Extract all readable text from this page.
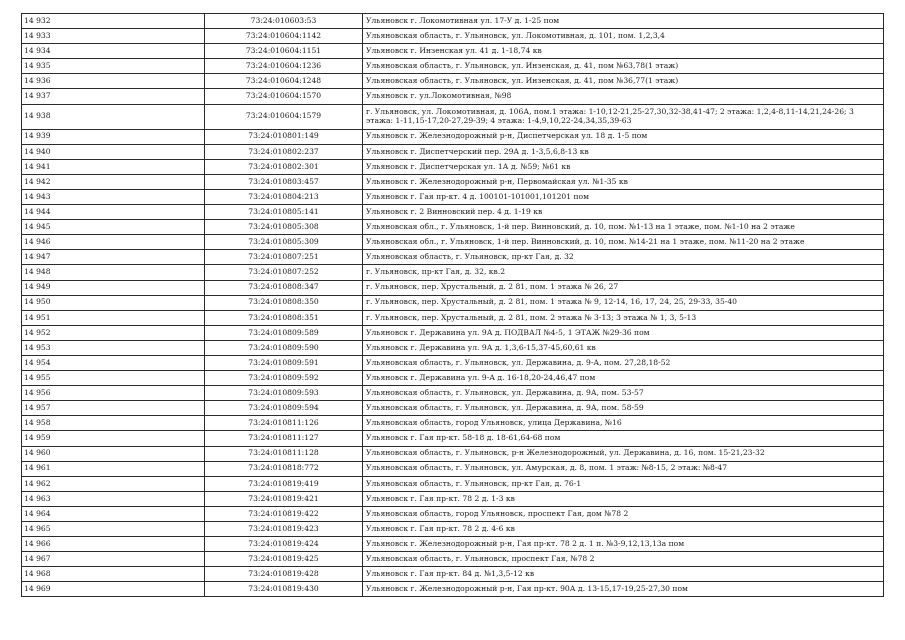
14 932	73:24:010603:53	Ульяновск г. Локомотивная ул. 17-У д. 1-25 пом
14 933	73:24:010604:1142	Ульяновская область, г. Ульяновск, ул. Локомотивная, д. 101, пом. 1,2,3,4
14 934	73:24:010604:1151	Ульяновск г. Инзенская ул. 41 д. 1-18,74 кв
14 935	73:24:010604:1236	Ульяновская область, г. Ульяновск, ул. Инзенская, д. 41, пом №63,78(1 этаж)
14 936	73:24:010604:1248	Ульяновская область, г. Ульяновск, ул. Инзенская, д. 41, пом №36,77(1 этаж)
14 937	73:24:010604:1570	Ульяновск г. ул.Локомотивная, №98
14 938	73:24:010604:1579	г. Ульяновск, ул. Локомотивная, д. 106А, пом.1 этажа: 1-10,12-21,25-27,30,32-38,41-47; 2 этажа: 1,2,4-8,11-14,21,24-26; 3 этажа: 1-11,15-17,20-27,29-39; 4 этажа: 1-4,9,10,22-24,34,35,39-63
14 939	73:24:010801:149	Ульяновск г. Железнодорожный р-н, Диспетчерская ул. 18 д. 1-5 пом
14 940	73:24:010802:237	Ульяновск г. Диспетчерский пер. 29А д. 1-3,5,6,8-13 кв
14 941	73:24:010802:301	Ульяновск г. Диспетчерская ул. 1А д. №59; №61 кв
14 942	73:24:010803:457	Ульяновск г. Железнодорожный р-н, Первомайская ул. №1-35 кв
14 943	73:24:010804:213	Ульяновск г. Гая пр-кт. 4 д. 100101-101001,101201 пом
14 944	73:24:010805:141	Ульяновск г. 2 Винновский пер. 4 д. 1-19 кв
14 945	73:24:010805:308	Ульяновская обл., г. Ульяновск, 1-й пер. Винновский, д. 10, пом. №1-13 на 1 этаже, пом. №1-10 на 2 этаже
14 946	73:24:010805:309	Ульяновская обл., г. Ульяновск, 1-й пер. Винновский, д. 10, пом. №14-21 на 1 этаже, пом. №11-20 на 2 этаже
14 947	73:24:010807:251	Ульяновская область, г. Ульяновск, пр-кт Гая, д. 32
14 948	73:24:010807:252	г. Ульяновск, пр-кт Гая, д. 32, кв.2
14 949	73:24:010808:347	г. Ульяновск, пер. Хрустальный, д. 2 81, пом. 1 этажа № 26, 27
14 950	73:24:010808:350	г. Ульяновск, пер. Хрустальный, д. 2 81, пом. 1 этажа № 9, 12-14, 16, 17, 24, 25, 29-33, 35-40
14 951	73:24:010808:351	г. Ульяновск, пер. Хрустальный, д. 2 81, пом. 2 этажа № 3-13; 3 этажа № 1, 3, 5-13
14 952	73:24:010809:589	Ульяновск г. Державина ул. 9А д. ПОДВАЛ №4-5, 1 ЭТАЖ №29-36 пом
14 953	73:24:010809:590	Ульяновск г. Державина ул. 9А д. 1,3,6-15,37-45,60,61 кв
14 954	73:24:010809:591	Ульяновская область, г. Ульяновск, ул. Державина, д. 9-А, пом. 27,28,18-52
14 955	73:24:010809:592	Ульяновск г. Державина ул. 9-А д. 16-18,20-24,46,47 пом
14 956	73:24:010809:593	Ульяновская область, г. Ульяновск, ул. Державина, д. 9А, пом. 53-57
14 957	73:24:010809:594	Ульяновская область, г. Ульяновск, ул. Державина, д. 9А, пом. 58-59
14 958	73:24:010811:126	Ульяновская область, город Ульяновск, улица Державина, №16
14 959	73:24:010811:127	Ульяновск г. Гая пр-кт. 58-18 д. 18-61,64-68 пом
14 960	73:24:010811:128	Ульяновская область, г. Ульяновск, р-н Железнодорожный, ул. Державина, д. 16, пом. 15-21,23-32
14 961	73:24:010818:772	Ульяновская область, г. Ульяновск, ул. Амурская, д. 8, пом. 1 этаж: №8-15, 2 этаж: №8-47
14 962	73:24:010819:419	Ульяновская область, г. Ульяновск, пр-кт Гая, д. 76-1
14 963	73:24:010819:421	Ульяновск г. Гая пр-кт. 78 2 д. 1-3 кв
14 964	73:24:010819:422	Ульяновская область, город Ульяновск, проспект Гая, дом №78 2
14 965	73:24:010819:423	Ульяновск г. Гая пр-кт. 78 2 д. 4-6 кв
14 966	73:24:010819:424	Ульяновск г. Железнодорожный р-н, Гая пр-кт. 78 2 д. 1 п. №3-9,12,13,13а пом
14 967	73:24:010819:425	Ульяновская область, г. Ульяновск, проспект Гая, №78 2
14 968	73:24:010819:428	Ульяновск г. Гая пр-кт. 84 д. №1,3,5-12 кв
14 969	73:24:010819:430	Ульяновск г. Железнодорожный р-н, Гая пр-кт. 90А д. 13-15,17-19,25-27,30 пом
